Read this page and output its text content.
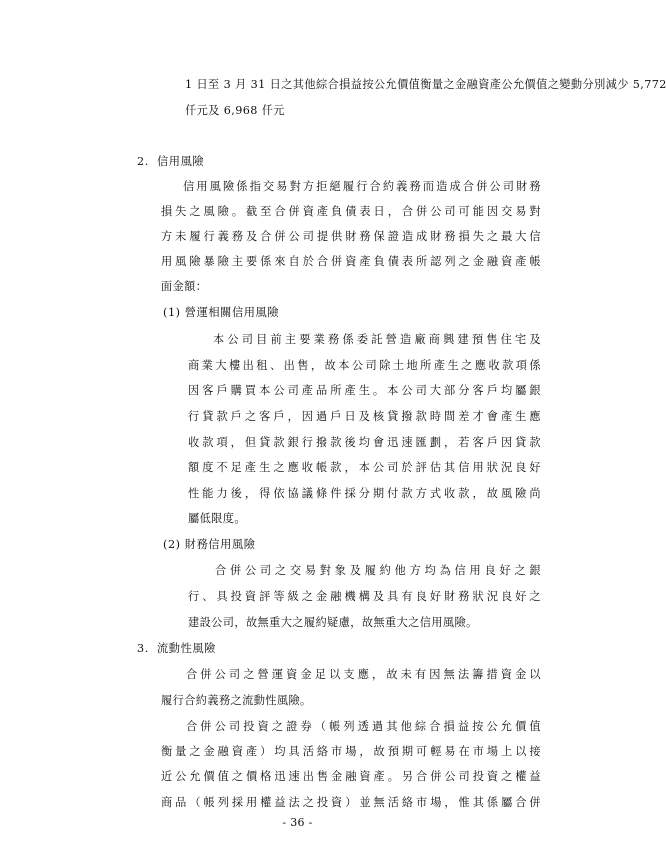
1 日至 3 月 31 日之其他綜合損益按公允價值衡量之金融資產公允價值之變動分別減少 5,772
仟元及 6,968 仟元
2. 信用風險
信用風險係指交易對方拒絕履行合約義務而造成合併公司財務
損失之風險。截至合併資產負債表日，合併公司可能因交易對
方未履行義務及合併公司提供財務保證造成財務損失之最大信
用風險暴險主要係來自於合併資產負債表所認列之金融資產帳
面金額：
(1) 營運相關信用風險
本公司目前主要業務係委託營造廠商興建預售住宅及
商業大樓出租、出售，故本公司除土地所產生之應收款項係
因客戶購買本公司產品所產生。本公司大部分客戶均屬銀
行貸款戶之客戶，因過戶日及核貸撥款時間差才會產生應
收款項，但貸款銀行撥款後均會迅速匯劃，若客戶因貸款
額度不足產生之應收帳款，本公司於評估其信用狀況良好
性能力後，得依協議條件採分期付款方式收款，故風險尚
屬低限度。
(2) 財務信用風險
合併公司之交易對象及履約他方均為信用良好之銀
行、具投資評等級之金融機構及具有良好財務狀況良好之
建設公司，故無重大之履約疑慮，故無重大之信用風險。
3. 流動性風險
合併公司之營運資金足以支應，故未有因無法籌措資金以
履行合約義務之流動性風險。
合併公司投資之證券（帳列透過其他綜合損益按公允價值
衡量之金融資產）均具活絡市場，故預期可輕易在市場上以接
近公允價值之價格迅速出售金融資產。另合併公司投資之權益
- 36 -
商品（帳列採用權益法之投資）並無活絡市場，惟其係屬合併
